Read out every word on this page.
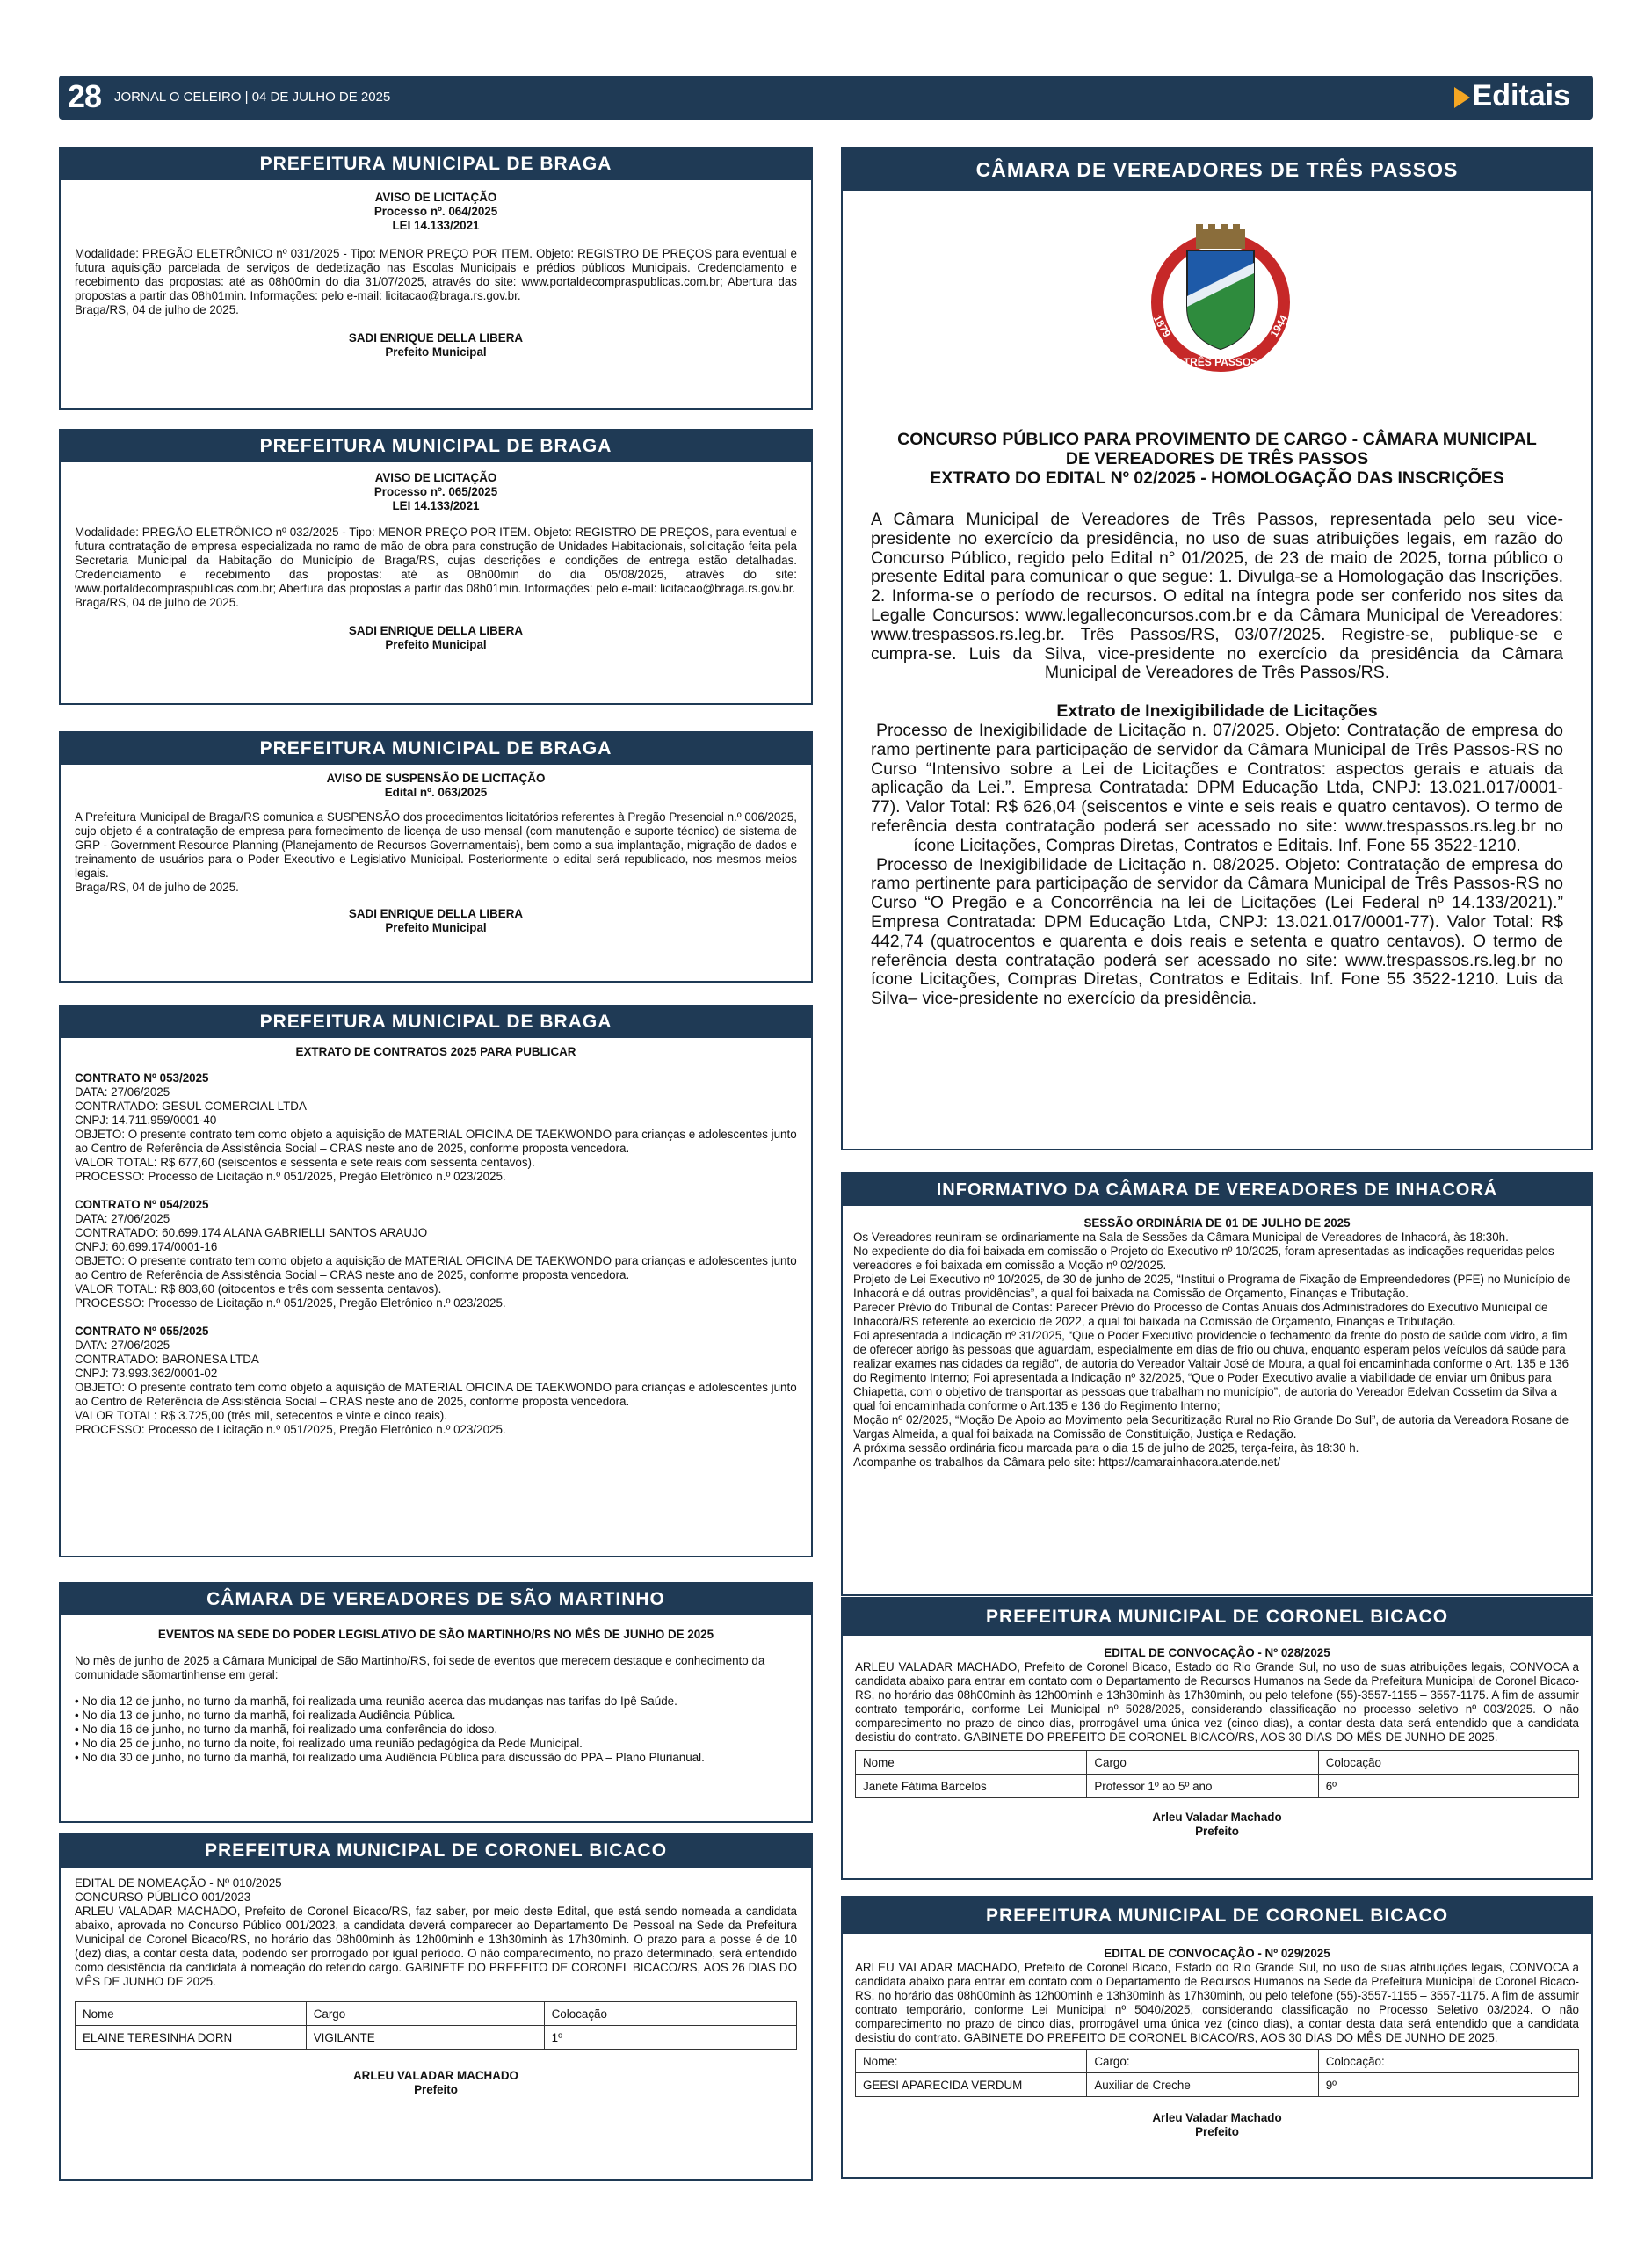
28 JORNAL O CELEIRO | 04 DE JULHO DE 2025	Editais
PREFEITURA MUNICIPAL DE BRAGA

AVISO DE LICITAÇÃO

Processo nº. 064/2025

LEI 14.133/2021

Modalidade: PREGÃO ELETRÔNICO nº 031/2025 - Tipo: MENOR PREÇO POR ITEM. Objeto: REGISTRO DE PREÇOS para eventual e futura aquisição parcelada de serviços de dedetização nas Escolas Municipais e prédios públicos Municipais. Credenciamento e recebimento das propostas: até as 08h00min do dia 31/07/2025, através do site: www.portaldecompraspublicas.com.br; Abertura das propostas a partir das 08h01min. Informações: pelo e-mail: licitacao@braga.rs.gov.br.

Braga/RS, 04 de julho de 2025.

SADI ENRIQUE DELLA LIBERA

Prefeito Municipal

PREFEITURA MUNICIPAL DE BRAGA

AVISO DE LICITAÇÃO

Processo nº. 065/2025

LEI 14.133/2021

Modalidade: PREGÃO ELETRÔNICO nº 032/2025 - Tipo: MENOR PREÇO POR ITEM. Objeto: REGISTRO DE PREÇOS, para eventual e futura contratação de empresa especializada no ramo de mão de obra para construção de Unidades Habitacionais, solicitação feita pela Secretaria Municipal da Habitação do Município de Braga/RS, cujas descrições e condições de entrega estão detalhadas. Credenciamento e recebimento das propostas: até as 08h00min do dia 05/08/2025, através do site: www.portaldecompraspublicas.com.br; Abertura das propostas a partir das 08h01min. Informações: pelo e-mail: licitacao@braga.rs.gov.br.

Braga/RS, 04 de julho de 2025.

SADI ENRIQUE DELLA LIBERA

Prefeito Municipal

PREFEITURA MUNICIPAL DE BRAGA

AVISO DE SUSPENSÃO DE LICITAÇÃO

Edital nº. 063/2025

A Prefeitura Municipal de Braga/RS comunica a SUSPENSÃO dos procedimentos licitatórios referentes à Pregão Presencial n.º 006/2025, cujo objeto é a contratação de empresa para fornecimento de licença de uso mensal (com manutenção e suporte técnico) de sistema de GRP - Government Resource Planning (Planejamento de Recursos Governamentais), bem como a sua implantação, migração de dados e treinamento de usuários para o Poder Executivo e Legislativo Municipal. Posteriormente o edital será republicado, nos mesmos meios legais.

Braga/RS, 04 de julho de 2025.

SADI ENRIQUE DELLA LIBERA

Prefeito Municipal

PREFEITURA MUNICIPAL DE BRAGA
EXTRATO DE CONTRATOS 2025 PARA PUBLICAR

CONTRATO Nº 053/2025

DATA: 27/06/2025

CONTRATADO: GESUL COMERCIAL LTDA

CNPJ: 14.711.959/0001-40

OBJETO: O presente contrato tem como objeto a aquisição de MATERIAL OFICINA DE TAEKWONDO para crianças e adolescentes junto ao Centro de Referência de Assistência Social – CRAS neste ano de 2025, conforme proposta vencedora.

VALOR TOTAL: R$ 677,60 (seiscentos e sessenta e sete reais com sessenta centavos).

PROCESSO: Processo de Licitação n.º 051/2025, Pregão Eletrônico n.º 023/2025.

CONTRATO Nº 054/2025

DATA: 27/06/2025

CONTRATADO: 60.699.174 ALANA GABRIELLI SANTOS ARAUJO

CNPJ: 60.699.174/0001-16

OBJETO: O presente contrato tem como objeto a aquisição de MATERIAL OFICINA DE TAEKWONDO para crianças e adolescentes junto ao Centro de Referência de Assistência Social – CRAS neste ano de 2025, conforme proposta vencedora.

VALOR TOTAL: R$ 803,60 (oitocentos e três com sessenta centavos).

PROCESSO: Processo de Licitação n.º 051/2025, Pregão Eletrônico n.º 023/2025.

CONTRATO Nº 055/2025

DATA: 27/06/2025

CONTRATADO: BARONESA LTDA

CNPJ: 73.993.362/0001-02

OBJETO: O presente contrato tem como objeto a aquisição de MATERIAL OFICINA DE TAEKWONDO para crianças e adolescentes junto ao Centro de Referência de Assistência Social – CRAS neste ano de 2025, conforme proposta vencedora.

VALOR TOTAL: R$ 3.725,00 (três mil, setecentos e vinte e cinco reais).

PROCESSO: Processo de Licitação n.º 051/2025, Pregão Eletrônico n.º 023/2025.

CÂMARA DE VEREADORES DE SÃO MARTINHO
EVENTOS NA SEDE DO PODER LEGISLATIVO DE SÃO MARTINHO/RS NO MÊS DE JUNHO DE 2025

No mês de junho de 2025 a Câmara Municipal de São Martinho/RS, foi sede de eventos que merecem destaque e conhecimento da comunidade sãomartinhense em geral:

• No dia 12 de junho, no turno da manhã, foi realizada uma reunião acerca das mudanças nas tarifas do Ipê Saúde.

• No dia 13 de junho, no turno da manhã, foi realizada Audiência Pública.

• No dia 16 de junho, no turno da manhã, foi realizado uma conferência do idoso.

• No dia 25 de junho, no turno da noite, foi realizado uma reunião pedagógica da Rede Municipal.

• No dia 30 de junho, no turno da manhã, foi realizado uma Audiência Pública para discussão do PPA – Plano Plurianual.

PREFEITURA MUNICIPAL DE CORONEL BICACO

EDITAL DE NOMEAÇÃO - Nº 010/2025

CONCURSO PÚBLICO 001/2023

ARLEU VALADAR MACHADO, Prefeito de Coronel Bicaco/RS, faz saber, por meio deste Edital, que está sendo nomeada a candidata abaixo, aprovada no Concurso Público 001/2023, a candidata deverá comparecer ao Departamento De Pessoal na Sede da Prefeitura Municipal de Coronel Bicaco/RS, no horário das 08h00minh às 12h00minh e 13h30minh às 17h30minh. O prazo para a posse é de 10 (dez) dias, a contar desta data, podendo ser prorrogado por igual período. O não comparecimento, no prazo determinado, será entendido como desistência da candidata à nomeação do referido cargo. GABINETE DO PREFEITO DE CORONEL BICACO/RS, AOS 26 DIAS DO MÊS DE JUNHO DE 2025.

Nome	Cargo	Colocação
ELAINE TERESINHA DORN	VIGILANTE	1º

ARLEU VALADAR MACHADO

Prefeito

CÂMARA DE VEREADORES DE TRÊS PASSOS
1879	1944
TRÊS PASSOS

CONCURSO PÚBLICO PARA PROVIMENTO DE CARGO - CÂMARA MUNICIPAL

DE VEREADORES DE TRÊS PASSOS

EXTRATO DO EDITAL Nº 02/2025 - HOMOLOGAÇÃO DAS INSCRIÇÕES

A Câmara Municipal de Vereadores de Três Passos, representada pelo seu vice-presidente no exercício da presidência, no uso de suas atribuições legais, em razão do Concurso Público, regido pelo Edital n° 01/2025, de 23 de maio de 2025, torna público o presente Edital para comunicar o que segue: 1. Divulga-se a Homologação das Inscrições. 2. Informa-se o período de recursos. O edital na íntegra pode ser conferido nos sites da Legalle Concursos: www.legalleconcursos.com.br e da Câmara Municipal de Vereadores: www.trespassos.rs.leg.br. Três Passos/RS, 03/07/2025. Registre-se, publique-se e cumpra-se. Luis da Silva, vice-presidente no exercício da presidência da Câmara Municipal de Vereadores de Três Passos/RS.

Extrato de Inexigibilidade de Licitações

Processo de Inexigibilidade de Licitação n. 07/2025. Objeto: Contratação de empresa do ramo pertinente para participação de servidor da Câmara Municipal de Três Passos-RS no Curso “Intensivo sobre a Lei de Licitações e Contratos: aspectos gerais e atuais da aplicação da Lei.”. Empresa Contratada: DPM Educação Ltda, CNPJ: 13.021.017/0001-77). Valor Total: R$ 626,04 (seiscentos e vinte e seis reais e quatro centavos). O termo de referência desta contratação poderá ser acessado no site: www.trespassos.rs.leg.br no ícone Licitações, Compras Diretas, Contratos e Editais. Inf. Fone 55 3522-1210.

Processo de Inexigibilidade de Licitação n. 08/2025. Objeto: Contratação de empresa do ramo pertinente para participação de servidor da Câmara Municipal de Três Passos-RS no Curso “O Pregão e a Concorrência na lei de Licitações (Lei Federal nº 14.133/2021).” Empresa Contratada: DPM Educação Ltda, CNPJ: 13.021.017/0001-77). Valor Total: R$ 442,74 (quatrocentos e quarenta e dois reais e setenta e quatro centavos). O termo de referência desta contratação poderá ser acessado no site: www.trespassos.rs.leg.br no ícone Licitações, Compras Diretas, Contratos e Editais. Inf. Fone 55 3522-1210. Luis da Silva– vice-presidente no exercício da presidência.

INFORMATIVO DA CÂMARA DE VEREADORES DE INHACORÁ
SESSÃO ORDINÁRIA DE 01 DE JULHO DE 2025

Os Vereadores reuniram-se ordinariamente na Sala de Sessões da Câmara Municipal de Vereadores de Inhacorá, às 18:30h.

No expediente do dia foi baixada em comissão o Projeto do Executivo nº 10/2025, foram apresentadas as indicações requeridas pelos vereadores e foi baixada em comissão a Moção nº 02/2025.

Projeto de Lei Executivo nº 10/2025, de 30 de junho de 2025, “Institui o Programa de Fixação de Empreendedores (PFE) no Município de Inhacorá e dá outras providências”, a qual foi baixada na Comissão de Orçamento, Finanças e Tributação.

Parecer Prévio do Tribunal de Contas: Parecer Prévio do Processo de Contas Anuais dos Administradores do Executivo Municipal de Inhacorá/RS referente ao exercício de 2022, a qual foi baixada na Comissão de Orçamento, Finanças e Tributação.

Foi apresentada a Indicação nº 31/2025, “Que o Poder Executivo providencie o fechamento da frente do posto de saúde com vidro, a fim de oferecer abrigo às pessoas que aguardam, especialmente em dias de frio ou chuva, enquanto esperam pelos veículos dá saúde para realizar exames nas cidades da região”, de autoria do Vereador Valtair José de Moura, a qual foi encaminhada conforme o Art. 135 e 136 do Regimento Interno; Foi apresentada a Indicação nº 32/2025, “Que o Poder Executivo avalie a viabilidade de enviar um ônibus para Chiapetta, com o objetivo de transportar as pessoas que trabalham no município”, de autoria do Vereador Edelvan Cossetim da Silva a qual foi encaminhada conforme o Art.135 e 136 do Regimento Interno;

Moção nº 02/2025, “Moção De Apoio ao Movimento pela Securitização Rural no Rio Grande Do Sul”, de autoria da Vereadora Rosane de Vargas Almeida, a qual foi baixada na Comissão de Constituição, Justiça e Redação.

A próxima sessão ordinária ficou marcada para o dia 15 de julho de 2025, terça-feira, às 18:30 h.

Acompanhe os trabalhos da Câmara pelo site: https://camarainhacora.atende.net/

PREFEITURA MUNICIPAL DE CORONEL BICACO
EDITAL DE CONVOCAÇÃO - Nº 028/2025

ARLEU VALADAR MACHADO, Prefeito de Coronel Bicaco, Estado do Rio Grande Sul, no uso de suas atribuições legais, CONVOCA a candidata abaixo para entrar em contato com o Departamento de Recursos Humanos na Sede da Prefeitura Municipal de Coronel Bicaco-RS, no horário das 08h00minh às 12h00minh e 13h30minh às 17h30minh, ou pelo telefone (55)-3557-1155 – 3557-1175. A fim de assumir contrato temporário, conforme Lei Municipal nº 5028/2025, considerando classificação no processo seletivo nº 003/2025. O não comparecimento no prazo de cinco dias, prorrogável uma única vez (cinco dias), a contar desta data será entendido que a candidata desistiu do contrato. GABINETE DO PREFEITO DE CORONEL BICACO/RS, AOS 30 DIAS DO MÊS DE JUNHO DE 2025.

Nome	Cargo	Colocação
Janete Fátima Barcelos	Professor 1º ao 5º ano	6º

Arleu Valadar Machado

Prefeito

PREFEITURA MUNICIPAL DE CORONEL BICACO
EDITAL DE CONVOCAÇÃO - Nº 029/2025

ARLEU VALADAR MACHADO, Prefeito de Coronel Bicaco, Estado do Rio Grande Sul, no uso de suas atribuições legais, CONVOCA a candidata abaixo para entrar em contato com o Departamento de Recursos Humanos na Sede da Prefeitura Municipal de Coronel Bicaco-RS, no horário das 08h00minh às 12h00minh e 13h30minh às 17h30minh, ou pelo telefone (55)-3557-1155 – 3557-1175. A fim de assumir contrato temporário, conforme Lei Municipal nº 5040/2025, considerando classificação no Processo Seletivo 03/2024. O não comparecimento no prazo de cinco dias, prorrogável uma única vez (cinco dias), a contar desta data será entendido que a candidata desistiu do contrato. GABINETE DO PREFEITO DE CORONEL BICACO/RS, AOS 30 DIAS DO MÊS DE JUNHO DE 2025.

Nome:	Cargo:	Colocação:
GEESI APARECIDA VERDUM	Auxiliar de Creche	9º

Arleu Valadar Machado

Prefeito
